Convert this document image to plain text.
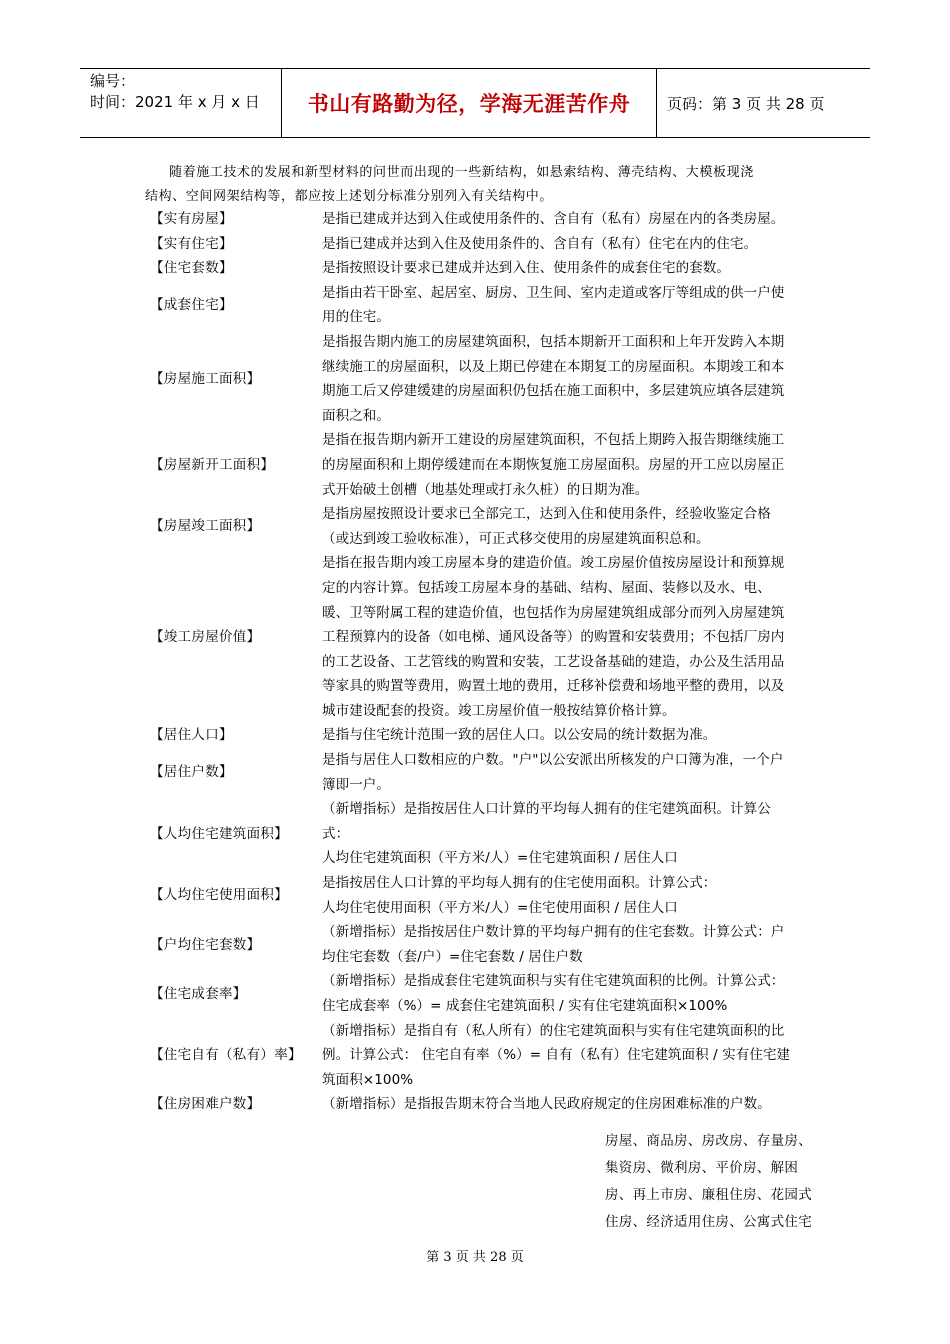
编号：
时间：2021 年 x 月 x 日	书山有路勤为径，学海无涯苦作舟	页码：第 3 页 共 28 页
随着施工技术的发展和新型材料的问世而出现的一些新结构，如悬索结构、薄壳结构、大模板现浇
结构、空间网架结构等，都应按上述划分标准分别列入有关结构中。
【实有房屋】	是指已建成并达到入住或使用条件的、含自有（私有）房屋在内的各类房屋。

【实有住宅】	是指已建成并达到入住及使用条件的、含自有（私有）住宅在内的住宅。

【住宅套数】	是指按照设计要求已建成并达到入住、使用条件的成套住宅的套数。

【成套住宅】

是指由若干卧室、起居室、厨房、卫生间、室内走道或客厅等组成的供一户使

用的住宅。

【房屋施工面积】

是指报告期内施工的房屋建筑面积，包括本期新开工面积和上年开发跨入本期

继续施工的房屋面积，以及上期已停建在本期复工的房屋面积。本期竣工和本

期施工后又停建缓建的房屋面积仍包括在施工面积中，多层建筑应填各层建筑

面积之和。

【房屋新开工面积】

是指在报告期内新开工建设的房屋建筑面积，不包括上期跨入报告期继续施工

的房屋面积和上期停缓建而在本期恢复施工房屋面积。房屋的开工应以房屋正

式开始破土创槽（地基处理或打永久桩）的日期为准。

【房屋竣工面积】

是指房屋按照设计要求已全部完工，达到入住和使用条件，经验收鉴定合格

（或达到竣工验收标准），可正式移交使用的房屋建筑面积总和。

【竣工房屋价值】

是指在报告期内竣工房屋本身的建造价值。竣工房屋价值按房屋设计和预算规

定的内容计算。包括竣工房屋本身的基础、结构、屋面、装修以及水、电、

暖、卫等附属工程的建造价值，也包括作为房屋建筑组成部分而列入房屋建筑

工程预算内的设备（如电梯、通风设备等）的购置和安装费用；不包括厂房内

的工艺设备、工艺管线的购置和安装，工艺设备基础的建造，办公及生活用品

等家具的购置等费用，购置土地的费用，迁移补偿费和场地平整的费用，以及

城市建设配套的投资。竣工房屋价值一般按结算价格计算。

【居住人口】	是指与住宅统计范围一致的居住人口。以公安局的统计数据为准。

【居住户数】

是指与居住人口数相应的户数。"户"以公安派出所核发的户口簿为准，一个户

簿即一户。

【人均住宅建筑面积】

（新增指标）是指按居住人口计算的平均每人拥有的住宅建筑面积。计算公

式：

人均住宅建筑面积（平方米/人）=住宅建筑面积 / 居住人口

【人均住宅使用面积】

是指按居住人口计算的平均每人拥有的住宅使用面积。计算公式：

人均住宅使用面积（平方米/人）=住宅使用面积 / 居住人口

【户均住宅套数】

（新增指标）是指按居住户数计算的平均每户拥有的住宅套数。计算公式：户

均住宅套数（套/户）=住宅套数 / 居住户数

【住宅成套率】

（新增指标）是指成套住宅建筑面积与实有住宅建筑面积的比例。计算公式：

住宅成套率（%）= 成套住宅建筑面积 / 实有住宅建筑面积×100%

【住宅自有（私有）率】

（新增指标）是指自有（私人所有）的住宅建筑面积与实有住宅建筑面积的比

例。计算公式： 住宅自有率（%）= 自有（私有）住宅建筑面积 / 实有住宅建

筑面积×100%

【住房困难户数】	（新增指标）是指报告期末符合当地人民政府规定的住房困难标准的户数。

房屋、商品房、房改房、存量房、

集资房、微利房、平价房、解困

房、再上市房、廉租住房、花园式

住房、经济适用住房、公寓式住宅

第 3 页 共 28 页
